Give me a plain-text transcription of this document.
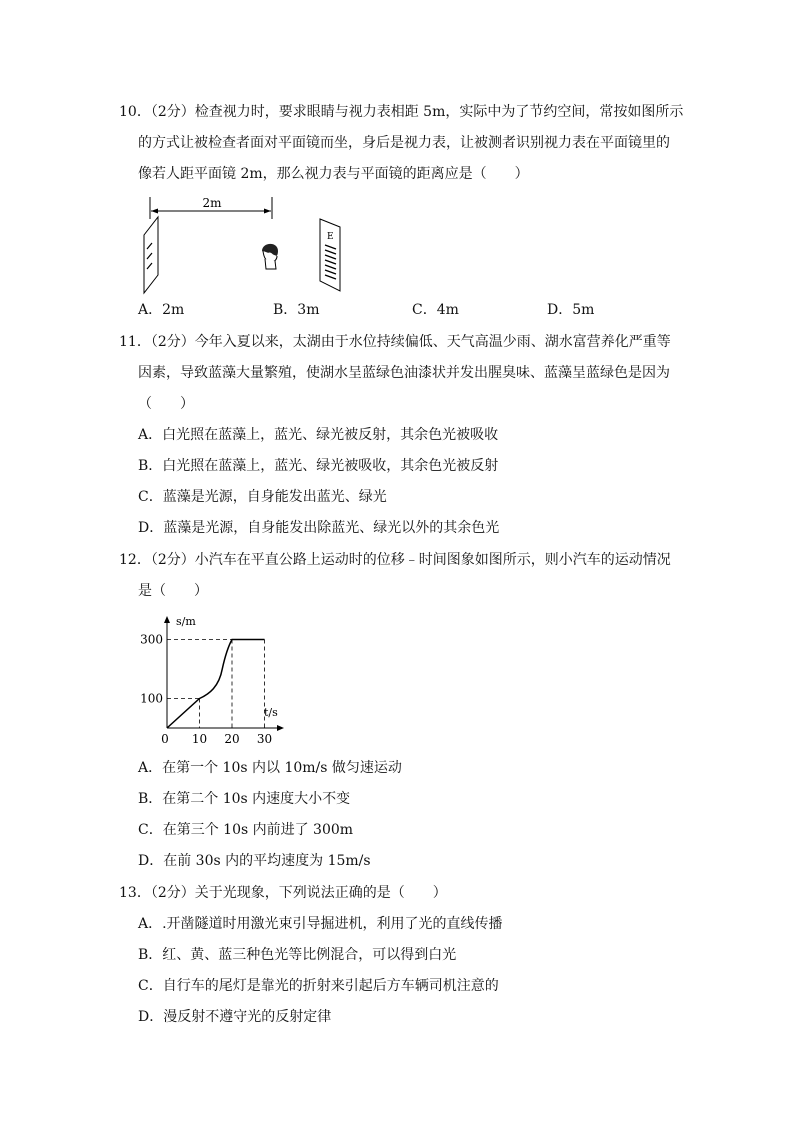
10．（2分）检查视力时，要求眼睛与视力表相距 5m，实际中为了节约空间，常按如图所示
的方式让被检查者面对平面镜而坐，身后是视力表，让被测者识别视力表在平面镜里的
像若人距平面镜 2m，那么视力表与平面镜的距离应是（　　）
2m
E
A．2m	B．3m	C．4m	D．5m
11．（2分）今年入夏以来，太湖由于水位持续偏低、天气高温少雨、湖水富营养化严重等
因素，导致蓝藻大量繁殖，使湖水呈蓝绿色油漆状并发出腥臭味、蓝藻呈蓝绿色是因为
（　　）
A．白光照在蓝藻上，蓝光、绿光被反射，其余色光被吸收
B．白光照在蓝藻上，蓝光、绿光被吸收，其余色光被反射
C．蓝藻是光源，自身能发出蓝光、绿光
D．蓝藻是光源，自身能发出除蓝光、绿光以外的其余色光
12．（2分）小汽车在平直公路上运动时的位移﹣时间图象如图所示，则小汽车的运动情况
是（　　）
s/m
t/s
0 10 20 30
100
300
A．在第一个 10s 内以 10m/s 做匀速运动
B．在第二个 10s 内速度大小不变
C．在第三个 10s 内前进了 300m
D．在前 30s 内的平均速度为 15m/s
13．（2分）关于光现象，下列说法正确的是（　　）
A．.开凿隧道时用激光束引导掘进机，利用了光的直线传播
B．红、黄、蓝三种色光等比例混合，可以得到白光
C．自行车的尾灯是靠光的折射来引起后方车辆司机注意的
D．漫反射不遵守光的反射定律
